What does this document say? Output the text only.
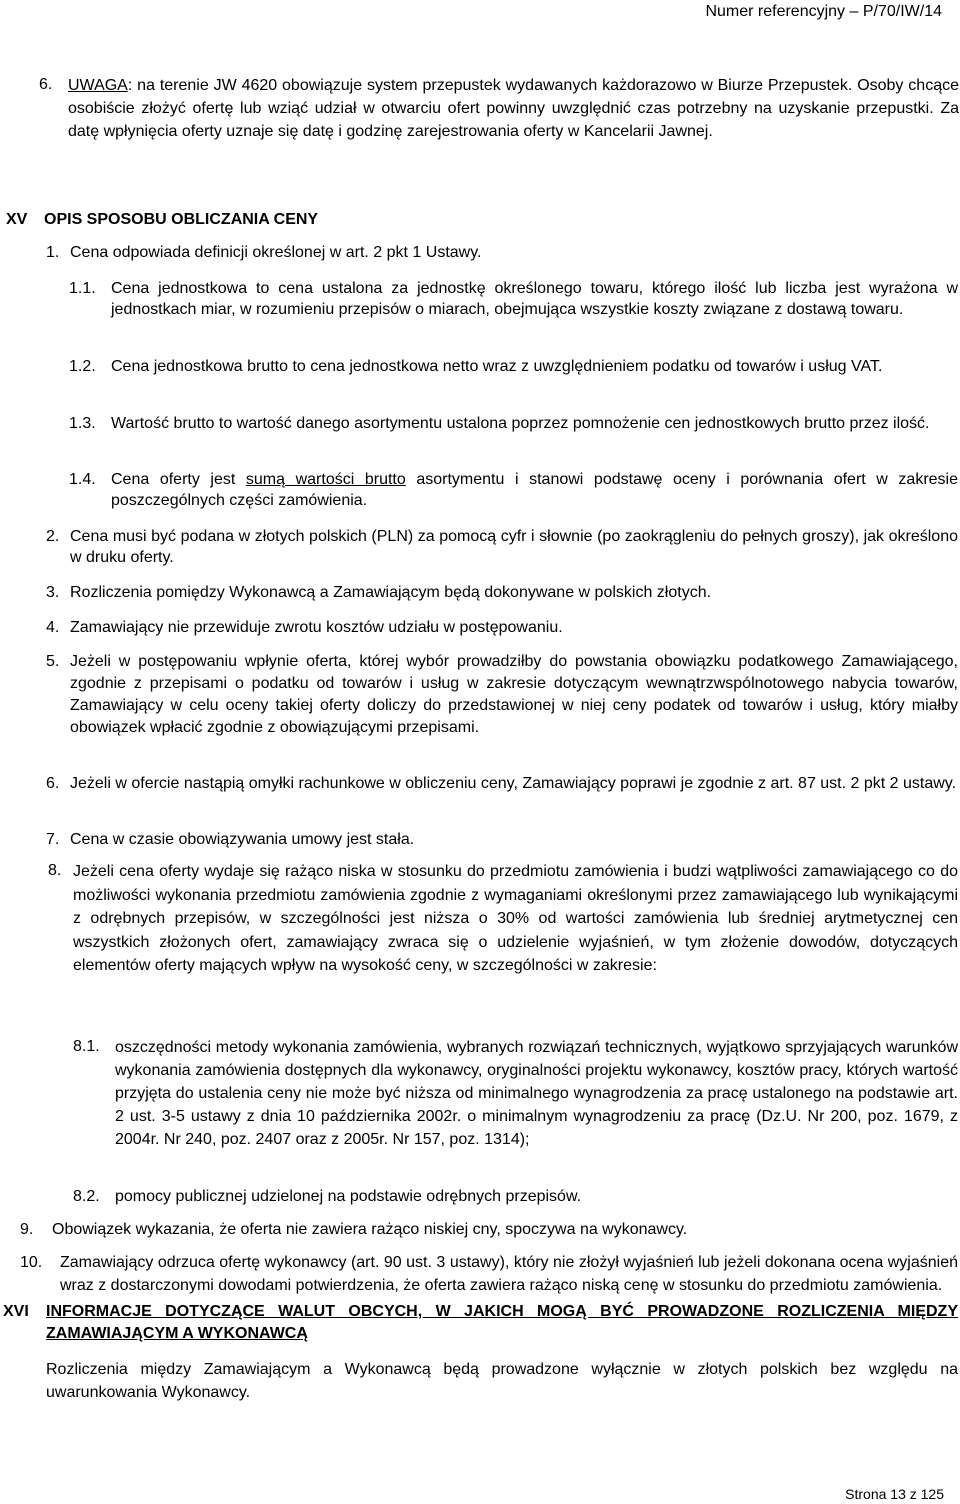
Numer referencyjny – P/70/IW/14
6. UWAGA: na terenie JW 4620 obowiązuje system przepustek wydawanych każdorazowo w Biurze Przepustek. Osoby chcące osobiście złożyć ofertę lub wziąć udział w otwarciu ofert powinny uwzględnić czas potrzebny na uzyskanie przepustki. Za datę wpłynięcia oferty uznaje się datę i godzinę zarejestrowania oferty w Kancelarii Jawnej.
XV OPIS SPOSOBU OBLICZANIA CENY
1. Cena odpowiada definicji określonej w art. 2 pkt 1 Ustawy.
1.1. Cena jednostkowa to cena ustalona za jednostkę określonego towaru, którego ilość lub liczba jest wyrażona w jednostkach miar, w rozumieniu przepisów o miarach, obejmująca wszystkie koszty związane z dostawą towaru.
1.2. Cena jednostkowa brutto to cena jednostkowa netto wraz z uwzględnieniem podatku od towarów i usług VAT.
1.3. Wartość brutto to wartość danego asortymentu ustalona poprzez pomnożenie cen jednostkowych brutto przez ilość.
1.4. Cena oferty jest sumą wartości brutto asortymentu i stanowi podstawę oceny i porównania ofert w zakresie poszczególnych części zamówienia.
2. Cena musi być podana w złotych polskich (PLN) za pomocą cyfr i słownie (po zaokrągleniu do pełnych groszy), jak określono w druku oferty.
3. Rozliczenia pomiędzy Wykonawcą a Zamawiającym będą dokonywane w polskich złotych.
4. Zamawiający nie przewiduje zwrotu kosztów udziału w postępowaniu.
5. Jeżeli w postępowaniu wpłynie oferta, której wybór prowadziłby do powstania obowiązku podatkowego Zamawiającego, zgodnie z przepisami o podatku od towarów i usług w zakresie dotyczącym wewnątrzwspólnotowego nabycia towarów, Zamawiający w celu oceny takiej oferty doliczy do przedstawionej w niej ceny podatek od towarów i usług, który miałby obowiązek wpłacić zgodnie z obowiązującymi przepisami.
6. Jeżeli w ofercie nastąpią omyłki rachunkowe w obliczeniu ceny, Zamawiający poprawi je zgodnie z art. 87 ust. 2 pkt 2 ustawy.
7. Cena w czasie obowiązywania umowy jest stała.
8. Jeżeli cena oferty wydaje się rażąco niska w stosunku do przedmiotu zamówienia i budzi wątpliwości zamawiającego co do możliwości wykonania przedmiotu zamówienia zgodnie z wymaganiami określonymi przez zamawiającego lub wynikającymi z odrębnych przepisów, w szczególności jest niższa o 30% od wartości zamówienia lub średniej arytmetycznej cen wszystkich złożonych ofert, zamawiający zwraca się o udzielenie wyjaśnień, w tym złożenie dowodów, dotyczących elementów oferty mających wpływ na wysokość ceny, w szczególności w zakresie:
8.1. oszczędności metody wykonania zamówienia, wybranych rozwiązań technicznych, wyjątkowo sprzyjających warunków wykonania zamówienia dostępnych dla wykonawcy, oryginalności projektu wykonawcy, kosztów pracy, których wartość przyjęta do ustalenia ceny nie może być niższa od minimalnego wynagrodzenia za pracę ustalonego na podstawie art. 2 ust. 3-5 ustawy z dnia 10 października 2002r. o minimalnym wynagrodzeniu za pracę (Dz.U. Nr 200, poz. 1679, z 2004r. Nr 240, poz. 2407 oraz z 2005r. Nr 157, poz. 1314);
8.2. pomocy publicznej udzielonej na podstawie odrębnych przepisów.
9. Obowiązek wykazania, że oferta nie zawiera rażąco niskiej cny, spoczywa na wykonawcy.
10. Zamawiający odrzuca ofertę wykonawcy (art. 90 ust. 3 ustawy), który nie złożył wyjaśnień lub jeżeli dokonana ocena wyjaśnień wraz z dostarczonymi dowodami potwierdzenia, że oferta zawiera rażąco niską cenę w stosunku do przedmiotu zamówienia.
XVI INFORMACJE DOTYCZĄCE WALUT OBCYCH, W JAKICH MOGĄ BYĆ PROWADZONE ROZLICZENIA MIĘDZY ZAMAWIAJĄCYM A WYKONAWCĄ
Rozliczenia między Zamawiającym a Wykonawcą będą prowadzone wyłącznie w złotych polskich bez względu na uwarunkowania Wykonawcy.
Strona 13 z 125
